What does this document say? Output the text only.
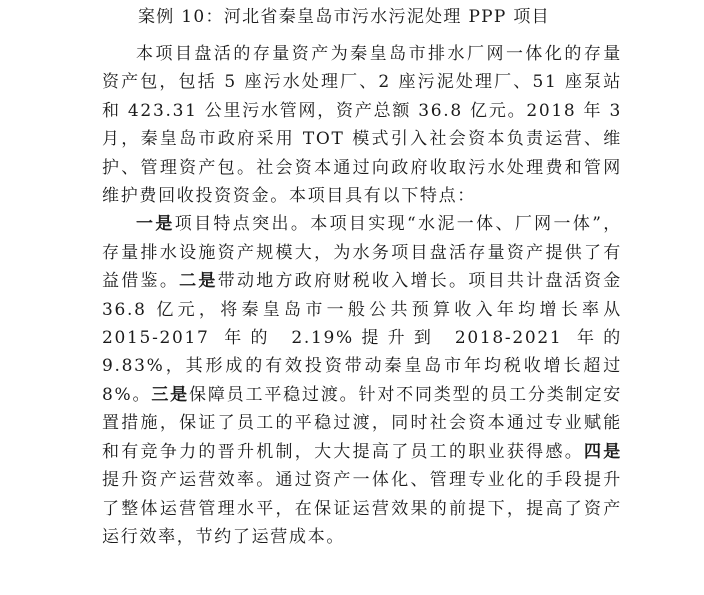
案例 10：河北省秦皇岛市污水污泥处理 PPP 项目

本项目盘活的存量资产为秦皇岛市排水厂网一体化的存量资产包，包括 5 座污水处理厂、2 座污泥处理厂、51 座泵站和 423.31 公里污水管网，资产总额 36.8 亿元。2018 年 3 月，秦皇岛市政府采用 TOT 模式引入社会资本负责运营、维护、管理资产包。社会资本通过向政府收取污水处理费和管网维护费回收投资资金。本项目具有以下特点：

一是项目特点突出。本项目实现“水泥一体、厂网一体”，存量排水设施资产规模大，为水务项目盘活存量资产提供了有益借鉴。二是带动地方政府财税收入增长。项目共计盘活资金 36.8 亿元，将秦皇岛市一般公共预算收入年均增长率从 2015-2017 年的 2.19%提升到 2018-2021 年的 9.83%，其形成的有效投资带动秦皇岛市年均税收增长超过 8%。三是保障员工平稳过渡。针对不同类型的员工分类制定安置措施，保证了员工的平稳过渡，同时社会资本通过专业赋能和有竞争力的晋升机制，大大提高了员工的职业获得感。四是提升资产运营效率。通过资产一体化、管理专业化的手段提升了整体运营管理水平，在保证运营效果的前提下，提高了资产运行效率，节约了运营成本。
